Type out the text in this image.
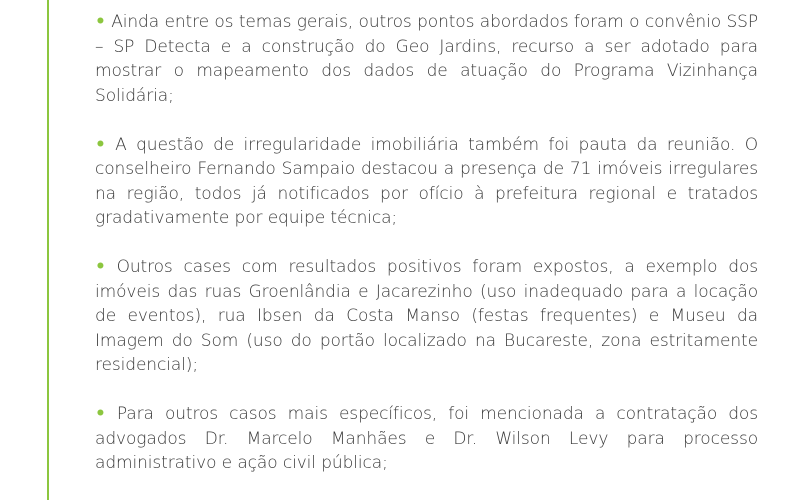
• Ainda entre os temas gerais, outros pontos abordados foram o convênio SSP – SP Detecta e a construção do Geo Jardins, recurso a ser adotado para mostrar o mapeamento dos dados de atuação do Programa Vizinhança Solidária;

• A questão de irregularidade imobiliária também foi pauta da reunião. O conselheiro Fernando Sampaio destacou a presença de 71 imóveis irregulares na região, todos já notificados por ofício à prefeitura regional e tratados gradativamente por equipe técnica;

• Outros cases com resultados positivos foram expostos, a exemplo dos imóveis das ruas Groenlândia e Jacarezinho (uso inadequado para a locação de eventos), rua Ibsen da Costa Manso (festas frequentes) e Museu da Imagem do Som (uso do portão localizado na Bucareste, zona estritamente residencial);

• Para outros casos mais específicos, foi mencionada a contratação dos advogados Dr. Marcelo Manhães e Dr. Wilson Levy para processo administrativo e ação civil pública;
